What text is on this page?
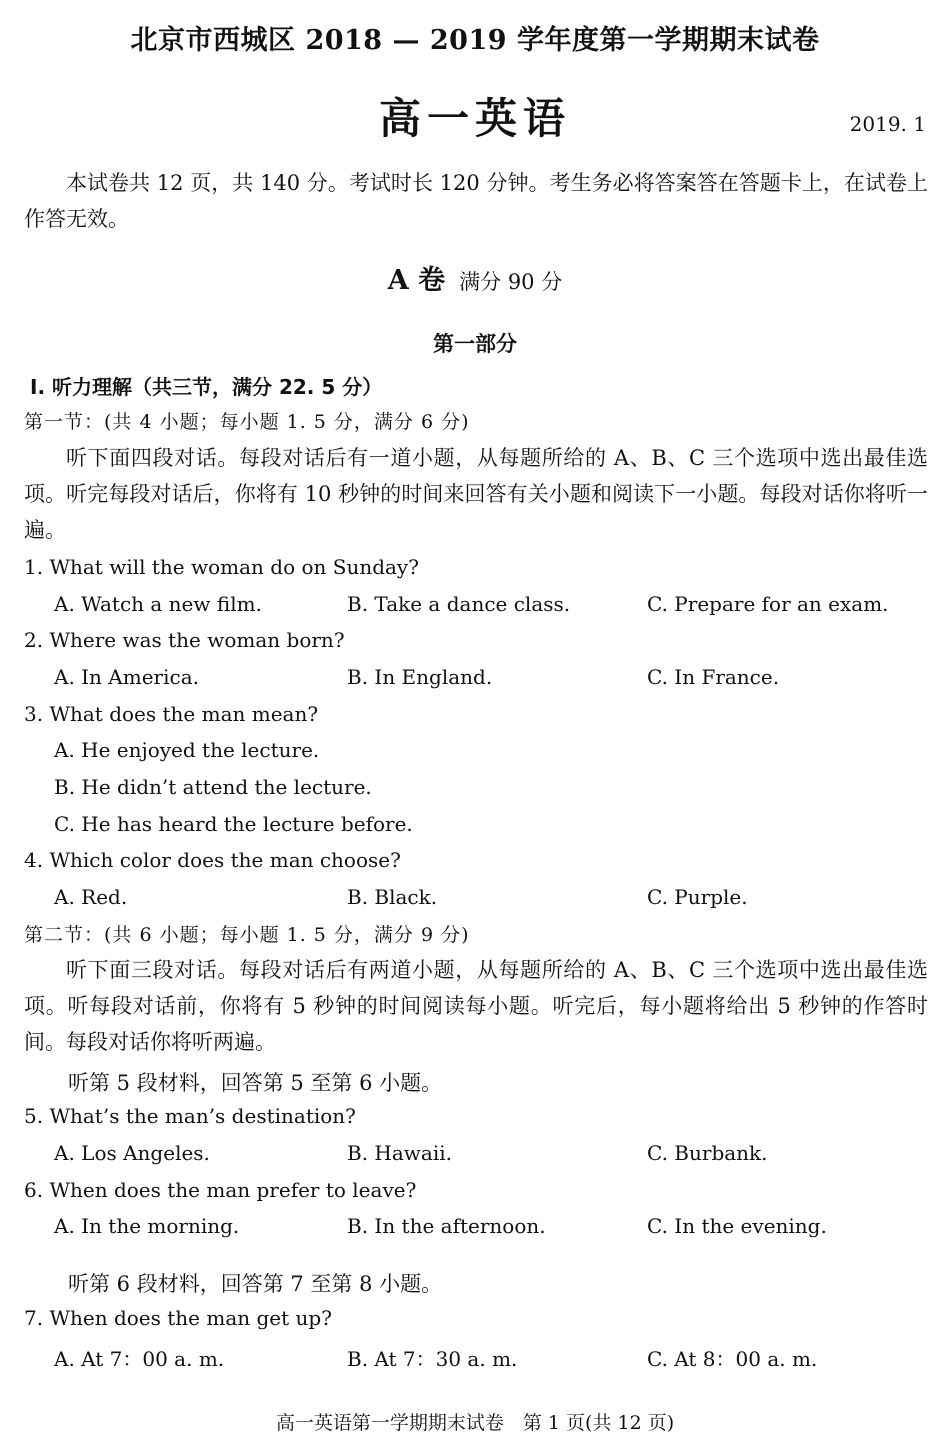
北京市西城区 2018 — 2019 学年度第一学期期末试卷
高一英语	2019. 1
本试卷共 12 页，共 140 分。考试时长 120 分钟。考生务必将答案答在答题卡上，在试卷上作答无效。
A 卷 满分 90 分
第一部分
I. 听力理解（共三节，满分 22. 5 分）
第一节：(共 4 小题；每小题 1. 5 分，满分 6 分)
听下面四段对话。每段对话后有一道小题，从每题所给的 A、B、C 三个选项中选出最佳选项。听完每段对话后，你将有 10 秒钟的时间来回答有关小题和阅读下一小题。每段对话你将听一遍。
1. What will the woman do on Sunday?
A. Watch a new film.	B. Take a dance class.	C. Prepare for an exam.
2. Where was the woman born?
A. In America.	B. In England.	C. In France.
3. What does the man mean?
A. He enjoyed the lecture.
B. He didn’t attend the lecture.
C. He has heard the lecture before.
4. Which color does the man choose?
A. Red.	B. Black.	C. Purple.
第二节：(共 6 小题；每小题 1. 5 分，满分 9 分)
听下面三段对话。每段对话后有两道小题，从每题所给的 A、B、C 三个选项中选出最佳选项。听每段对话前，你将有 5 秒钟的时间阅读每小题。听完后，每小题将给出 5 秒钟的作答时间。每段对话你将听两遍。
听第 5 段材料，回答第 5 至第 6 小题。
5. What’s the man’s destination?
A. Los Angeles.	B. Hawaii.	C. Burbank.
6. When does the man prefer to leave?
A. In the morning.	B. In the afternoon.	C. In the evening.
听第 6 段材料，回答第 7 至第 8 小题。
7. When does the man get up?
A. At 7：00 a. m.	B. At 7：30 a. m.	C. At 8：00 a. m.
高一英语第一学期期末试卷　第 1 页(共 12 页)
